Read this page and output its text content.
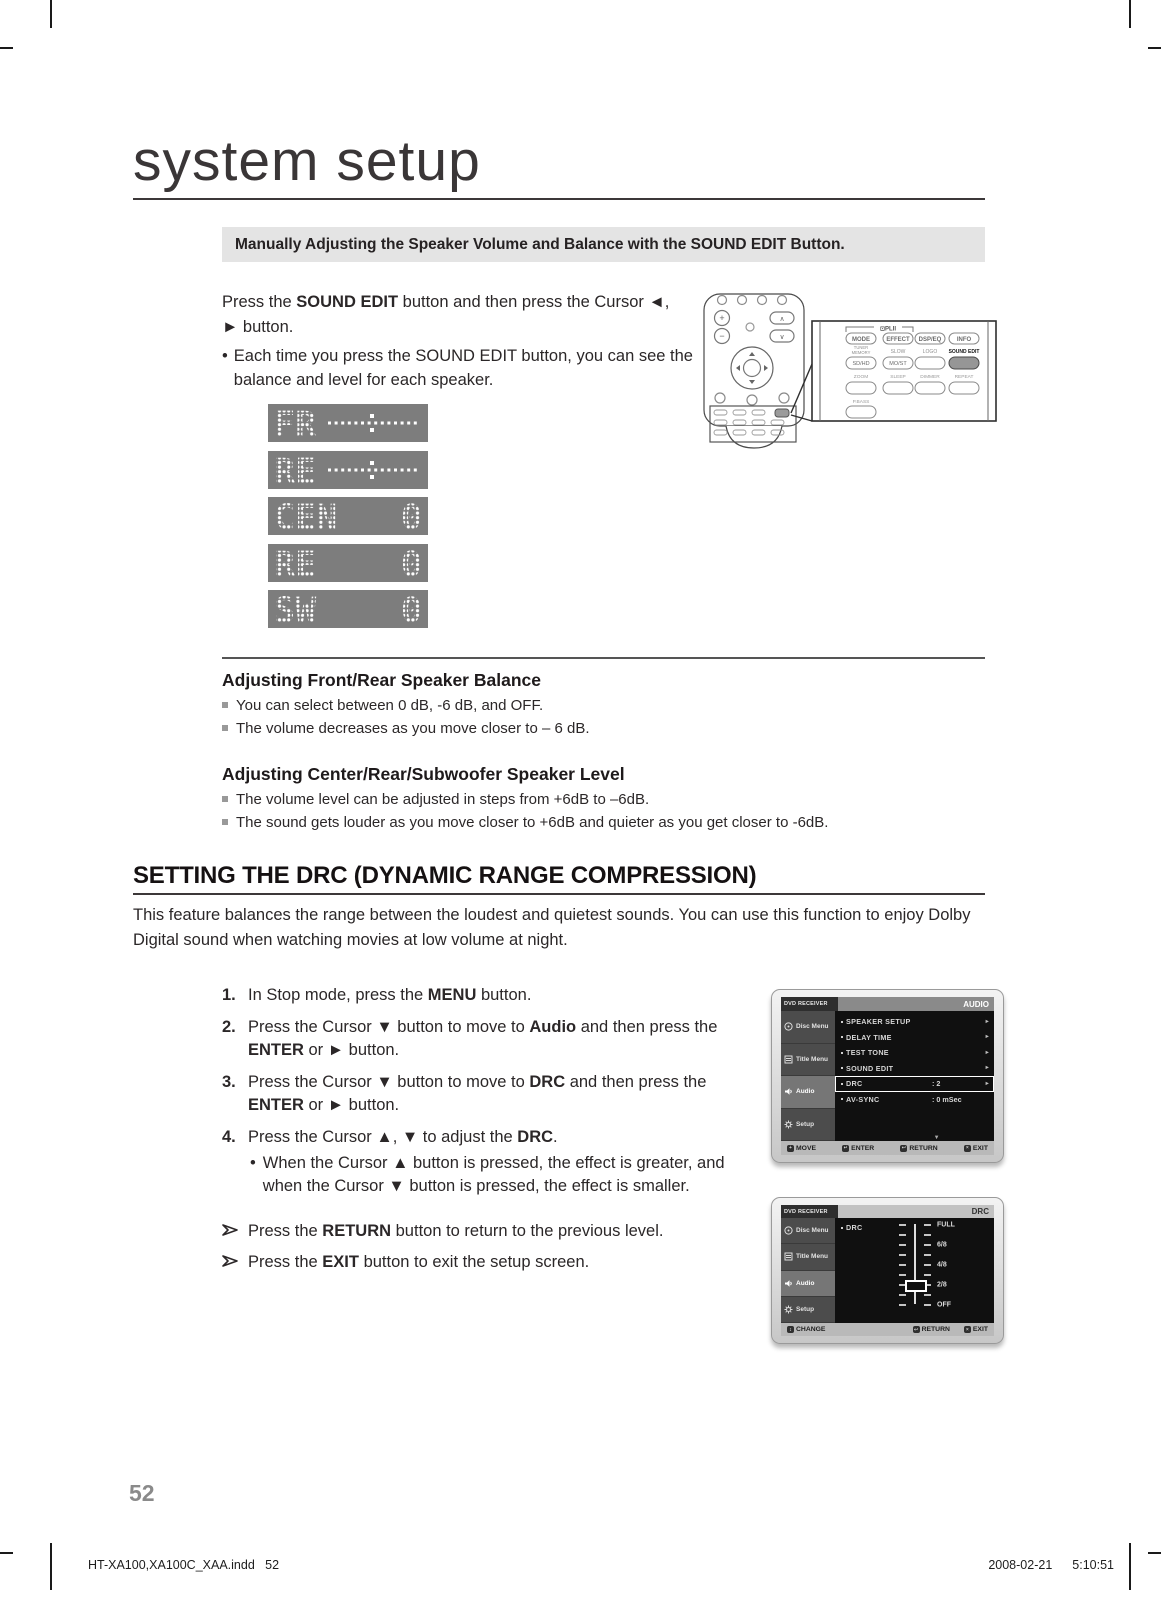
system setup
Manually Adjusting the Speaker Volume and Balance with the SOUND EDIT Button.
Press the SOUND EDIT button and then press the Cursor ◄,
► button.
•
Each time you press the SOUND EDIT button, you can see the balance and level for each speaker.
FR
RE
CEN 0
RE 0
SW 0
+
−
∧
∨
⊡PLII
MODE	EFFECT DSP/EQ	INFO
TUNER
MEMORY	SLOW	LOGO SOUND EDIT
SD/HD	MO/ST
ZOOM	SLEEP	DIMMER	REPEAT
P.BASS
Adjusting Front/Rear Speaker Balance
You can select between 0 dB, -6 dB, and OFF.
The volume decreases as you move closer to – 6 dB.
Adjusting Center/Rear/Subwoofer Speaker Level
The volume level can be adjusted in steps from +6dB to –6dB.
The sound gets louder as you move closer to +6dB and quieter as you get closer to -6dB.
SETTING THE DRC (DYNAMIC RANGE COMPRESSION)
This feature balances the range between the loudest and quietest sounds. You can use this function to enjoy Dolby Digital sound when watching movies at low volume at night.
1. In Stop mode, press the MENU button.
2. Press the Cursor ▼ button to move to Audio and then press the ENTER or ► button.
3. Press the Cursor ▼ button to move to DRC and then press the ENTER or ► button.
4. Press the Cursor ▲, ▼ to adjust the DRC.
•
When the Cursor ▲ button is pressed, the effect is greater, and when the Cursor ▼ button is pressed, the effect is smaller.
Press the RETURN button to return to the previous level.
Press the EXIT button to exit the setup screen.
DVD RECEIVER	AUDIO
Disc Menu
Title Menu
Audio
Setup
SPEAKER SETUP	►
DELAY TIME	►
TEST TONE	►
SOUND EDIT	►
DRC	: 2	►
AV-SYNC	: 0 mSec
▼
+ MOVE	↵ ENTER	↩ RETURN	× EXIT
DVD RECEIVER	DRC
Disc Menu
Title Menu
Audio
Setup
DRC	FULL
6/8
4/8
2/8
OFF
↕ CHANGE	↩ RETURN	× EXIT
52
HT-XA100,XA100C_XAA.indd   52	2008-02-21 5:10:51
